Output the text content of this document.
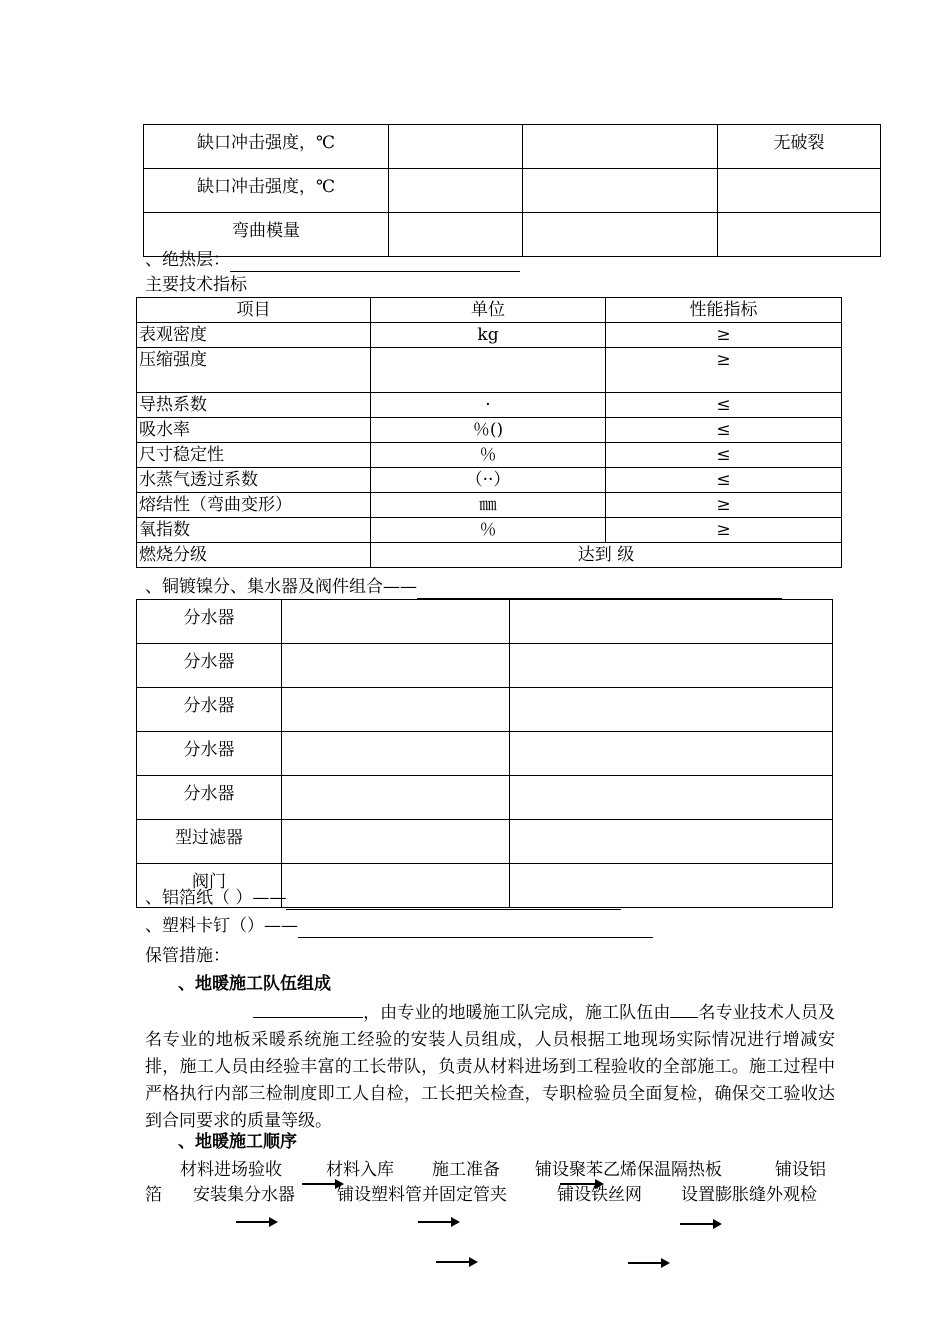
缺口冲击强度，℃			无破裂
缺口冲击强度，℃			
弯曲模量			
、绝热层：
主要技术指标
项目	单位	性能指标
表观密度	kg	≥
压缩强度		≥
导热系数	·	≤
吸水率	％()	≤
尺寸稳定性	％	≤
水蒸气透过系数	（··）	≤
熔结性（弯曲变形）	㎜	≥
氧指数	％	≥
燃烧分级	达到 级	
、铜镀镍分、集水器及阀件组合——
分水器		
分水器		
分水器		
分水器		
分水器		
型过滤器		
阀门		
、铝箔纸（ ）——
、塑料卡钉（）——
保管措施：
、地暖施工队伍组成
，由专业的地暖施工队完成，施工队伍由 名专业技术人员及名专业的地板采暖系统施工经验的安装人员组成，人员根据工地现场实际情况进行增减安排，施工人员由经验丰富的工长带队，负责从材料进场到工程验收的全部施工。施工过程中严格执行内部三检制度即工人自检，工长把关检查，专职检验员全面复检，确保交工验收达到合同要求的质量等级。
、地暖施工顺序
材料进场验收	材料入库 施工准备 铺设聚苯乙烯保温隔热板	铺设铝
箔 安装集分水器 铺设塑料管并固定管夹	铺设铁丝网 设置膨胀缝外观检
